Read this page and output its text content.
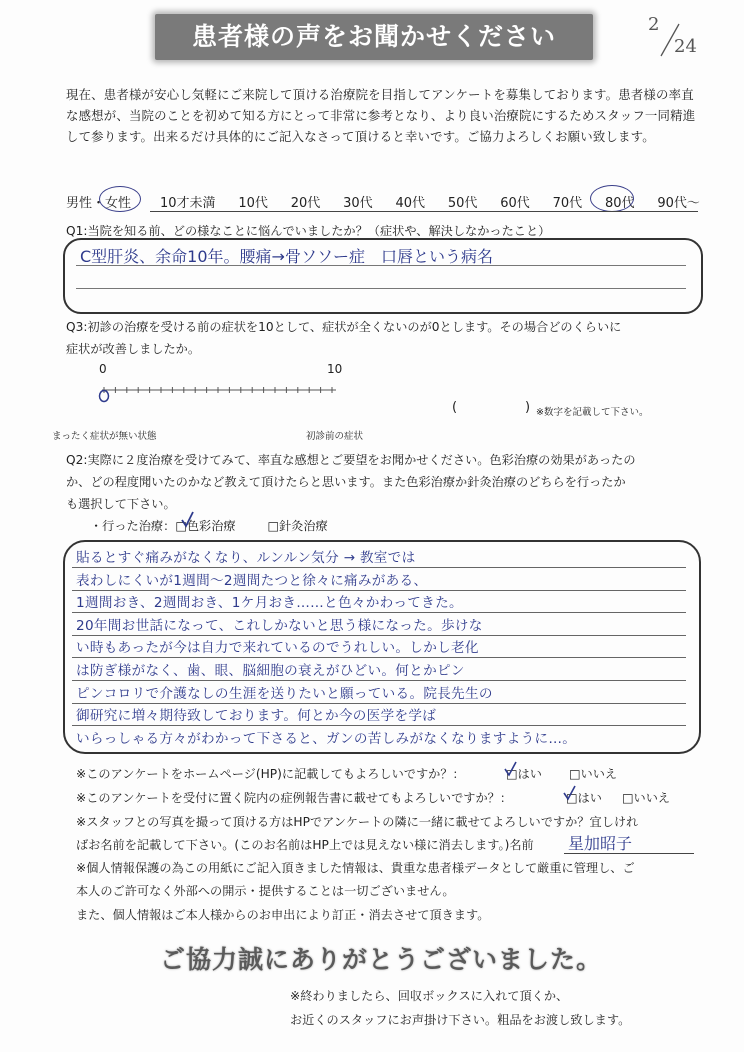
患者様の声をお聞かせください	2
24
現在、患者様が安心し気軽にご来院して頂ける治療院を目指してアンケートを募集しております。患者様の率直な感想が、当院のことを初めて知る方にとって非常に参考となり、より良い治療院にするためスタッフ一同精進して参ります。出来るだけ具体的にご記入なさって頂けると幸いです。ご協力よろしくお願い致します。
男性・女性 10才未満 10代 20代 30代 40代 50代 60代 70代 80代 90代〜
Q1:当院を知る前、どの様なことに悩んでいましたか？（症状や、解決しなかったこと）
C型肝炎、余命10年。腰痛→骨ソソー症　口唇という病名
Q3:初診の治療を受ける前の症状を10として、症状が全くないのが0とします。その場合どのくらいに
症状が改善しましたか。
0	10
(	) ※数字を記載して下さい。
まったく症状が無い状態	初診前の症状
Q2:実際に２度治療を受けてみて、率直な感想とご要望をお聞かせください。色彩治療の効果があったの
か、どの程度聞いたのかなど教えて頂けたらと思います。また色彩治療か針灸治療のどちらを行ったか
も選択して下さい。
・行った治療：□色彩治療	□針灸治療
貼るとすぐ痛みがなくなり、ルンルン気分 → 教室では
表わしにくいが1週間〜2週間たつと徐々に痛みがある、
1週間おき、2週間おき、1ケ月おき……と色々かわってきた。
20年間お世話になって、これしかないと思う様になった。歩けな
い時もあったが今は自力で来れているのでうれしい。しかし老化
は防ぎ様がなく、歯、眼、脳細胞の衰えがひどい。何とかピン
ピンコロリで介護なしの生涯を送りたいと願っている。院長先生の
御研究に増々期待致しております。何とか今の医学を学ば
いらっしゃる方々がわかって下さると、ガンの苦しみがなくなりますように…。
※このアンケートをホームページ(HP)に記載してもよろしいですか？：	□はい □いいえ
※このアンケートを受付に置く院内の症例報告書に載せてもよろしいですか？：	□はい □いいえ
※スタッフとの写真を撮って頂ける方はHPでアンケートの隣に一緒に載せてよろしいですか？宜しけれ
ばお名前を記載して下さい。(このお名前はHP上では見えない様に消去します。)名前 星加昭子
※個人情報保護の為この用紙にご記入頂きました情報は、貴重な患者様データとして厳重に管理し、ご
本人のご許可なく外部への開示・提供することは一切ございません。
また、個人情報はご本人様からのお申出により訂正・消去させて頂きます。
ご協力誠にありがとうございました。
※終わりましたら、回収ボックスに入れて頂くか、
お近くのスタッフにお声掛け下さい。粗品をお渡し致します。
